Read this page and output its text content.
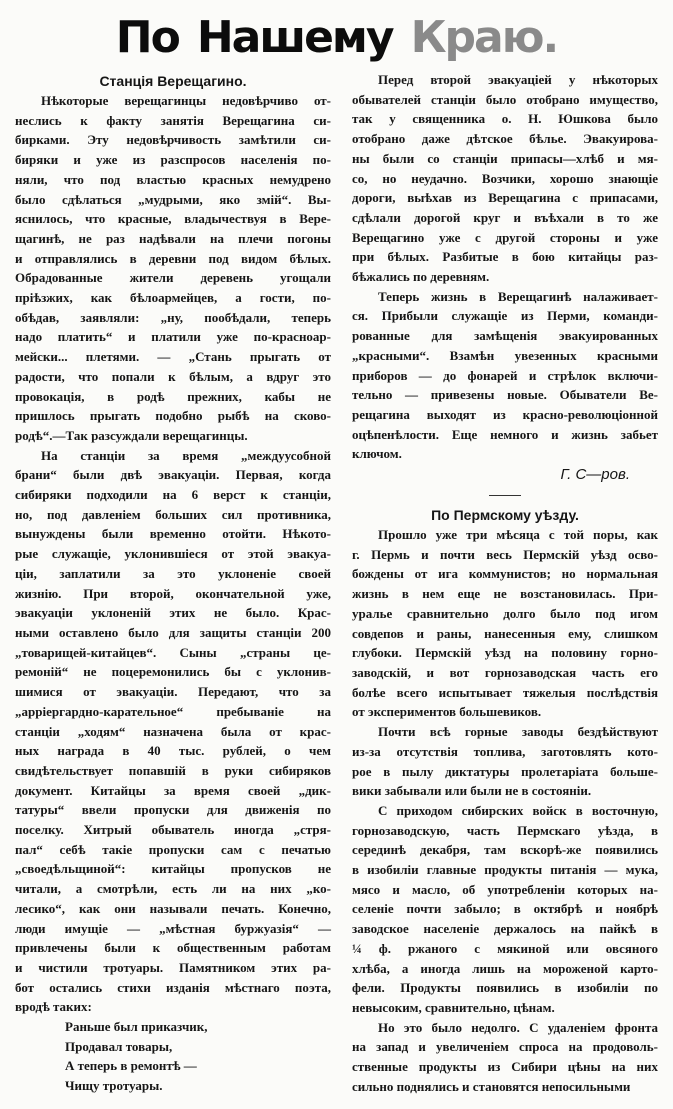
По Нашему Краю.
Станція Верещагино.
Нѣкоторые верещагинцы недовѣрчиво от-
неслись к факту занятія Верещагина си-
бирками. Эту недовѣрчивость замѣтили си-
биряки и уже из разспросов населенія по-
няли, что под властью красных немудрено
было сдѣлаться „мудрыми, яко змій“. Вы-
яснилось, что красные, владычествуя в Вере-
щагинѣ, не раз надѣвали на плечи погоны
и отправлялись в деревни под видом бѣлых.
Обрадованные жители деревень угощали
пріѣзжих, как бѣлоармейцев, а гости, по-
обѣдав, заявляли: „ну, пообѣдали, теперь
надо платить“ и платили уже по-красноар-
мейски... плетями. — „Стань прыгать от
радости, что попали к бѣлым, а вдруг это
провокація, в родѣ прежних, кабы не
пришлось прыгать подобно рыбѣ на сково-
родѣ“.—Так разсуждали верещагинцы.
На станціи за время „междуусобной
брани“ были двѣ эвакуаціи. Первая, когда
сибиряки подходили на 6 верст к станціи,
но, под давленіем больших сил противника,
вынуждены были временно отойти. Нѣкото-
рые служащіе, уклонившіеся от этой эвакуа-
ціи, заплатили за это уклоненіе своей
жизнію. При второй, окончательной уже,
эвакуаціи уклоненій этих не было. Крас-
ными оставлено было для защиты станціи 200
„товарищей-китайцев“. Сыны „страны це-
ремоній“ не поцеремонились бы с уклонив-
шимися от эвакуаціи. Передают, что за
„арріергардно-карательное“ пребываніе на
станціи „ходям“ назначена была от крас-
ных награда в 40 тыс. рублей, о чем
свидѣтельствует попавшій в руки сибиряков
документ. Китайцы за время своей „дик-
татуры“ ввели пропуски для движенія по
поселку. Хитрый обыватель иногда „стря-
пал“ себѣ такіе пропуски сам с печатью
„своедѣльщиной“: китайцы пропусков не
читали, а смотрѣли, есть ли на них „ко-
лесико“, как они называли печать. Конечно,
люди имущіе — „мѣстная буржуазія“ —
привлечены были к общественным работам
и чистили тротуары. Памятником этих ра-
бот остались стихи изданія мѣстнаго поэта,
вродѣ таких:
Раньше был приказчик,
Продавал товары,
А теперь в ремонтѣ —
Чищу тротуары.
Перед второй эвакуаціей у нѣкоторых
обывателей станціи было отобрано имущество,
так у священника о. Н. Юшкова было
отобрано даже дѣтское бѣлье. Эвакуирова-
ны были со станціи припасы—хлѣб и мя-
со, но неудачно. Возчики, хорошо знающіе
дороги, выѣхав из Верещагина с припасами,
сдѣлали дорогой круг и въѣхали в то же
Верещагино уже с другой стороны и уже
при бѣлых. Разбитые в бою китайцы раз-
бѣжались по деревням.
Теперь жизнь в Верещагинѣ налаживает-
ся. Прибыли служащіе из Перми, команди-
рованные для замѣщенія эвакуированных
„красными“. Взамѣн увезенных красными
приборов — до фонарей и стрѣлок включи-
тельно — привезены новые. Обыватели Ве-
рещагина выходят из красно-революціонной
оцѣпенѣлости. Еще немного и жизнь забьет
ключом.
Г. С—ров.
По Пермскому уѣзду.
Прошло уже три мѣсяца с той поры, как
г. Пермь и почти весь Пермскій уѣзд осво-
бождены от ига коммунистов; но нормальная
жизнь в нем еще не возстановилась. При-
уралье сравнительно долго было под игом
совдепов и раны, нанесенныя ему, слишком
глубоки. Пермскій уѣзд на половину горно-
заводскій, и вот горнозаводская часть его
болѣе всего испытывает тяжелыя послѣдствія
от экспериментов большевиков.
Почти всѣ горные заводы бездѣйствуют
из-за отсутствія топлива, заготовлять кото-
рое в пылу диктатуры пролетаріата больше-
вики забывали или были не в состояніи.
С приходом сибирских войск в восточную,
горнозаводскую, часть Пермскаго уѣзда, в
серединѣ декабря, там вскорѣ-же появились
в изобиліи главные продукты питанія — мука,
мясо и масло, об употребленіи которых на-
селеніе почти забыло; в октябрѣ и ноябрѣ
заводское населеніе держалось на пайкѣ в
¼ ф. ржаного с мякиной или овсяного
хлѣба, а иногда лишь на мороженой карто-
фели. Продукты появились в изобиліи по
невысоким, сравнительно, цѣнам.
Но это было недолго. С удаленіем фронта
на запад и увеличеніем спроса на продоволь-
ственные продукты из Сибири цѣны на них
сильно поднялись и становятся непосильными
